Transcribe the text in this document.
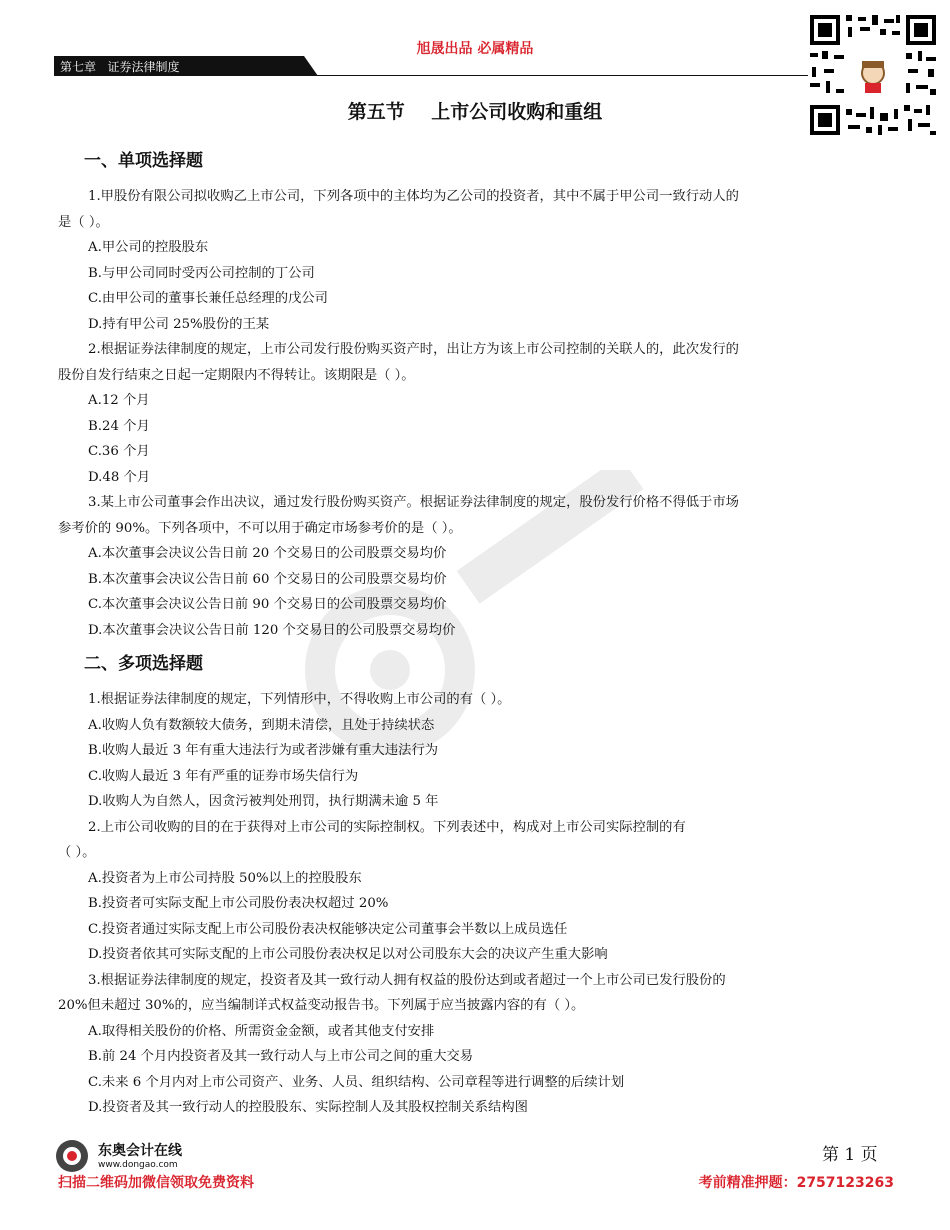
旭晟出品 必属精品
第七章   证券法律制度
第五节    上市公司收购和重组
一、单项选择题
1.甲股份有限公司拟收购乙上市公司，下列各项中的主体均为乙公司的投资者，其中不属于甲公司一致行动人的
是（ ）。
A.甲公司的控股股东
B.与甲公司同时受丙公司控制的丁公司
C.由甲公司的董事长兼任总经理的戊公司
D.持有甲公司 25%股份的王某
2.根据证券法律制度的规定，上市公司发行股份购买资产时，出让方为该上市公司控制的关联人的，此次发行的
股份自发行结束之日起一定期限内不得转让。该期限是（ ）。
A.12 个月
B.24 个月
C.36 个月
D.48 个月
3.某上市公司董事会作出决议，通过发行股份购买资产。根据证券法律制度的规定，股份发行价格不得低于市场
参考价的 90%。下列各项中，不可以用于确定市场参考价的是（ ）。
A.本次董事会决议公告日前 20 个交易日的公司股票交易均价
B.本次董事会决议公告日前 60 个交易日的公司股票交易均价
C.本次董事会决议公告日前 90 个交易日的公司股票交易均价
D.本次董事会决议公告日前 120 个交易日的公司股票交易均价
二、多项选择题
1.根据证券法律制度的规定，下列情形中，不得收购上市公司的有（ ）。
A.收购人负有数额较大债务，到期未清偿，且处于持续状态
B.收购人最近 3 年有重大违法行为或者涉嫌有重大违法行为
C.收购人最近 3 年有严重的证券市场失信行为
D.收购人为自然人，因贪污被判处刑罚，执行期满未逾 5 年
2.上市公司收购的目的在于获得对上市公司的实际控制权。下列表述中，构成对上市公司实际控制的有
（ ）。
A.投资者为上市公司持股 50%以上的控股股东
B.投资者可实际支配上市公司股份表决权超过 20%
C.投资者通过实际支配上市公司股份表决权能够决定公司董事会半数以上成员选任
D.投资者依其可实际支配的上市公司股份表决权足以对公司股东大会的决议产生重大影响
3.根据证券法律制度的规定，投资者及其一致行动人拥有权益的股份达到或者超过一个上市公司已发行股份的
20%但未超过 30%的，应当编制详式权益变动报告书。下列属于应当披露内容的有（ ）。
A.取得相关股份的价格、所需资金金额，或者其他支付安排
B.前 24 个月内投资者及其一致行动人与上市公司之间的重大交易
C.未来 6 个月内对上市公司资产、业务、人员、组织结构、公司章程等进行调整的后续计划
D.投资者及其一致行动人的控股股东、实际控制人及其股权控制关系结构图
东奥会计在线
www.dongao.com	第 1 页
扫描二维码加微信领取免费资料	考前精准押题：2757123263
